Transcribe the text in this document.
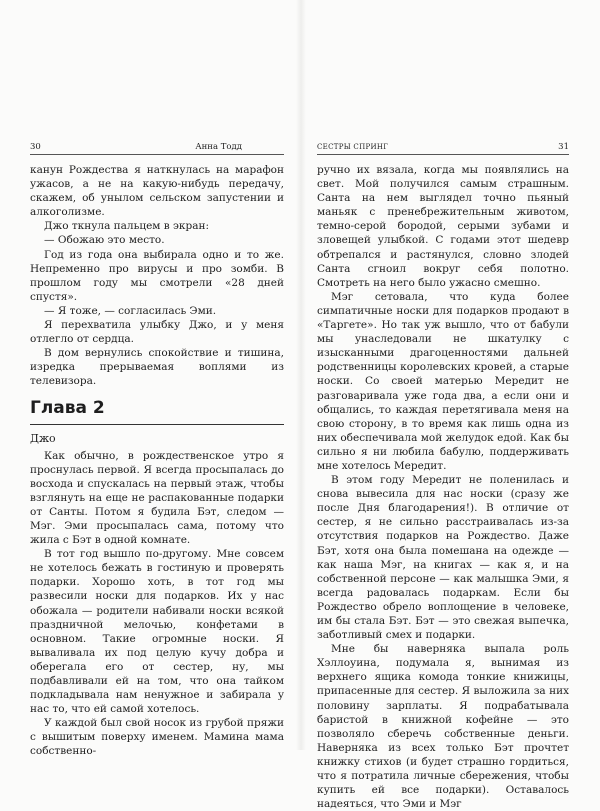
30	Анна Тодд

канун Рождества я наткнулась на марафон ужасов, а не на какую-нибудь передачу, скажем, об унылом сельском запустении и алкоголизме.

Джо ткнула пальцем в экран:

— Обожаю это место.

Год из года она выбирала одно и то же. Непременно про вирусы и про зомби. В прошлом году мы смотрели «28 дней спустя».

— Я тоже, — согласилась Эми.

Я перехватила улыбку Джо, и у меня отлегло от сердца.

В дом вернулись спокойствие и тишина, изредка прерываемая воплями из телевизора.

Глава 2
Джо

Как обычно, в рождественское утро я проснулась первой. Я всегда просыпалась до восхода и спускалась на первый этаж, чтобы взглянуть на еще не распакованные подарки от Санты. Потом я будила Бэт, следом — Мэг. Эми просыпалась сама, потому что жила с Бэт в одной комнате.

В тот год вышло по-другому. Мне совсем не хотелось бежать в гостиную и проверять подарки. Хорошо хоть, в тот год мы развесили носки для подарков. Их у нас обожала — родители набивали носки всякой праздничной мелочью, конфетами в основном. Такие огромные носки. Я вываливала их под целую кучу добра и оберегала его от сестер, ну, мы подбавливали ей на том, что она тайком подкладывала нам ненужное и забирала у нас то, что ей самой хотелось.

У каждой был свой носок из грубой пряжи с вышитым поверху именем. Мамина мама собственно-

СЕСТРЫ СПРИНГ	31

ручно их вязала, когда мы появлялись на свет. Мой получился самым страшным. Санта на нем выглядел точно пьяный маньяк с пренебрежительным животом, темно-серой бородой, серыми зубами и зловещей улыбкой. С годами этот шедевр обтрепался и растянулся, словно злодей Санта сгноил вокруг себя полотно. Смотреть на него было ужасно смешно.

Мэг сетовала, что куда более симпатичные носки для подарков продают в «Таргете». Но так уж вышло, что от бабули мы унаследовали не шкатулку с изысканными драгоценностями дальней родственницы королевских кровей, а старые носки. Со своей матерью Мередит не разговаривала уже года два, а если они и общались, то каждая перетягивала меня на свою сторону, в то время как лишь одна из них обеспечивала мой желудок едой. Как бы сильно я ни любила бабулю, поддерживать мне хотелось Мередит.

В этом году Мередит не поленилась и снова вывесила для нас носки (сразу же после Дня благодарения!). В отличие от сестер, я не сильно расстраивалась из-за отсутствия подарков на Рождество. Даже Бэт, хотя она была помешана на одежде — как наша Мэг, на книгах — как я, и на собственной персоне — как малышка Эми, я всегда радовалась подаркам. Если бы Рождество обрело воплощение в человеке, им бы стала Бэт. Бэт — это свежая выпечка, заботливый смех и подарки.

Мне бы наверняка выпала роль Хэллоуина, подумала я, вынимая из верхнего ящика комода тонкие книжицы, припасенные для сестер. Я выложила за них половину зарплаты. Я подрабатывала баристой в книжной кофейне — это позволяло сберечь собственные деньги. Наверняка из всех только Бэт прочтет книжку стихов (и будет страшно гордиться, что я потратила личные сбережения, чтобы купить ей все подарки). Оставалось надеяться, что Эми и Мэг
